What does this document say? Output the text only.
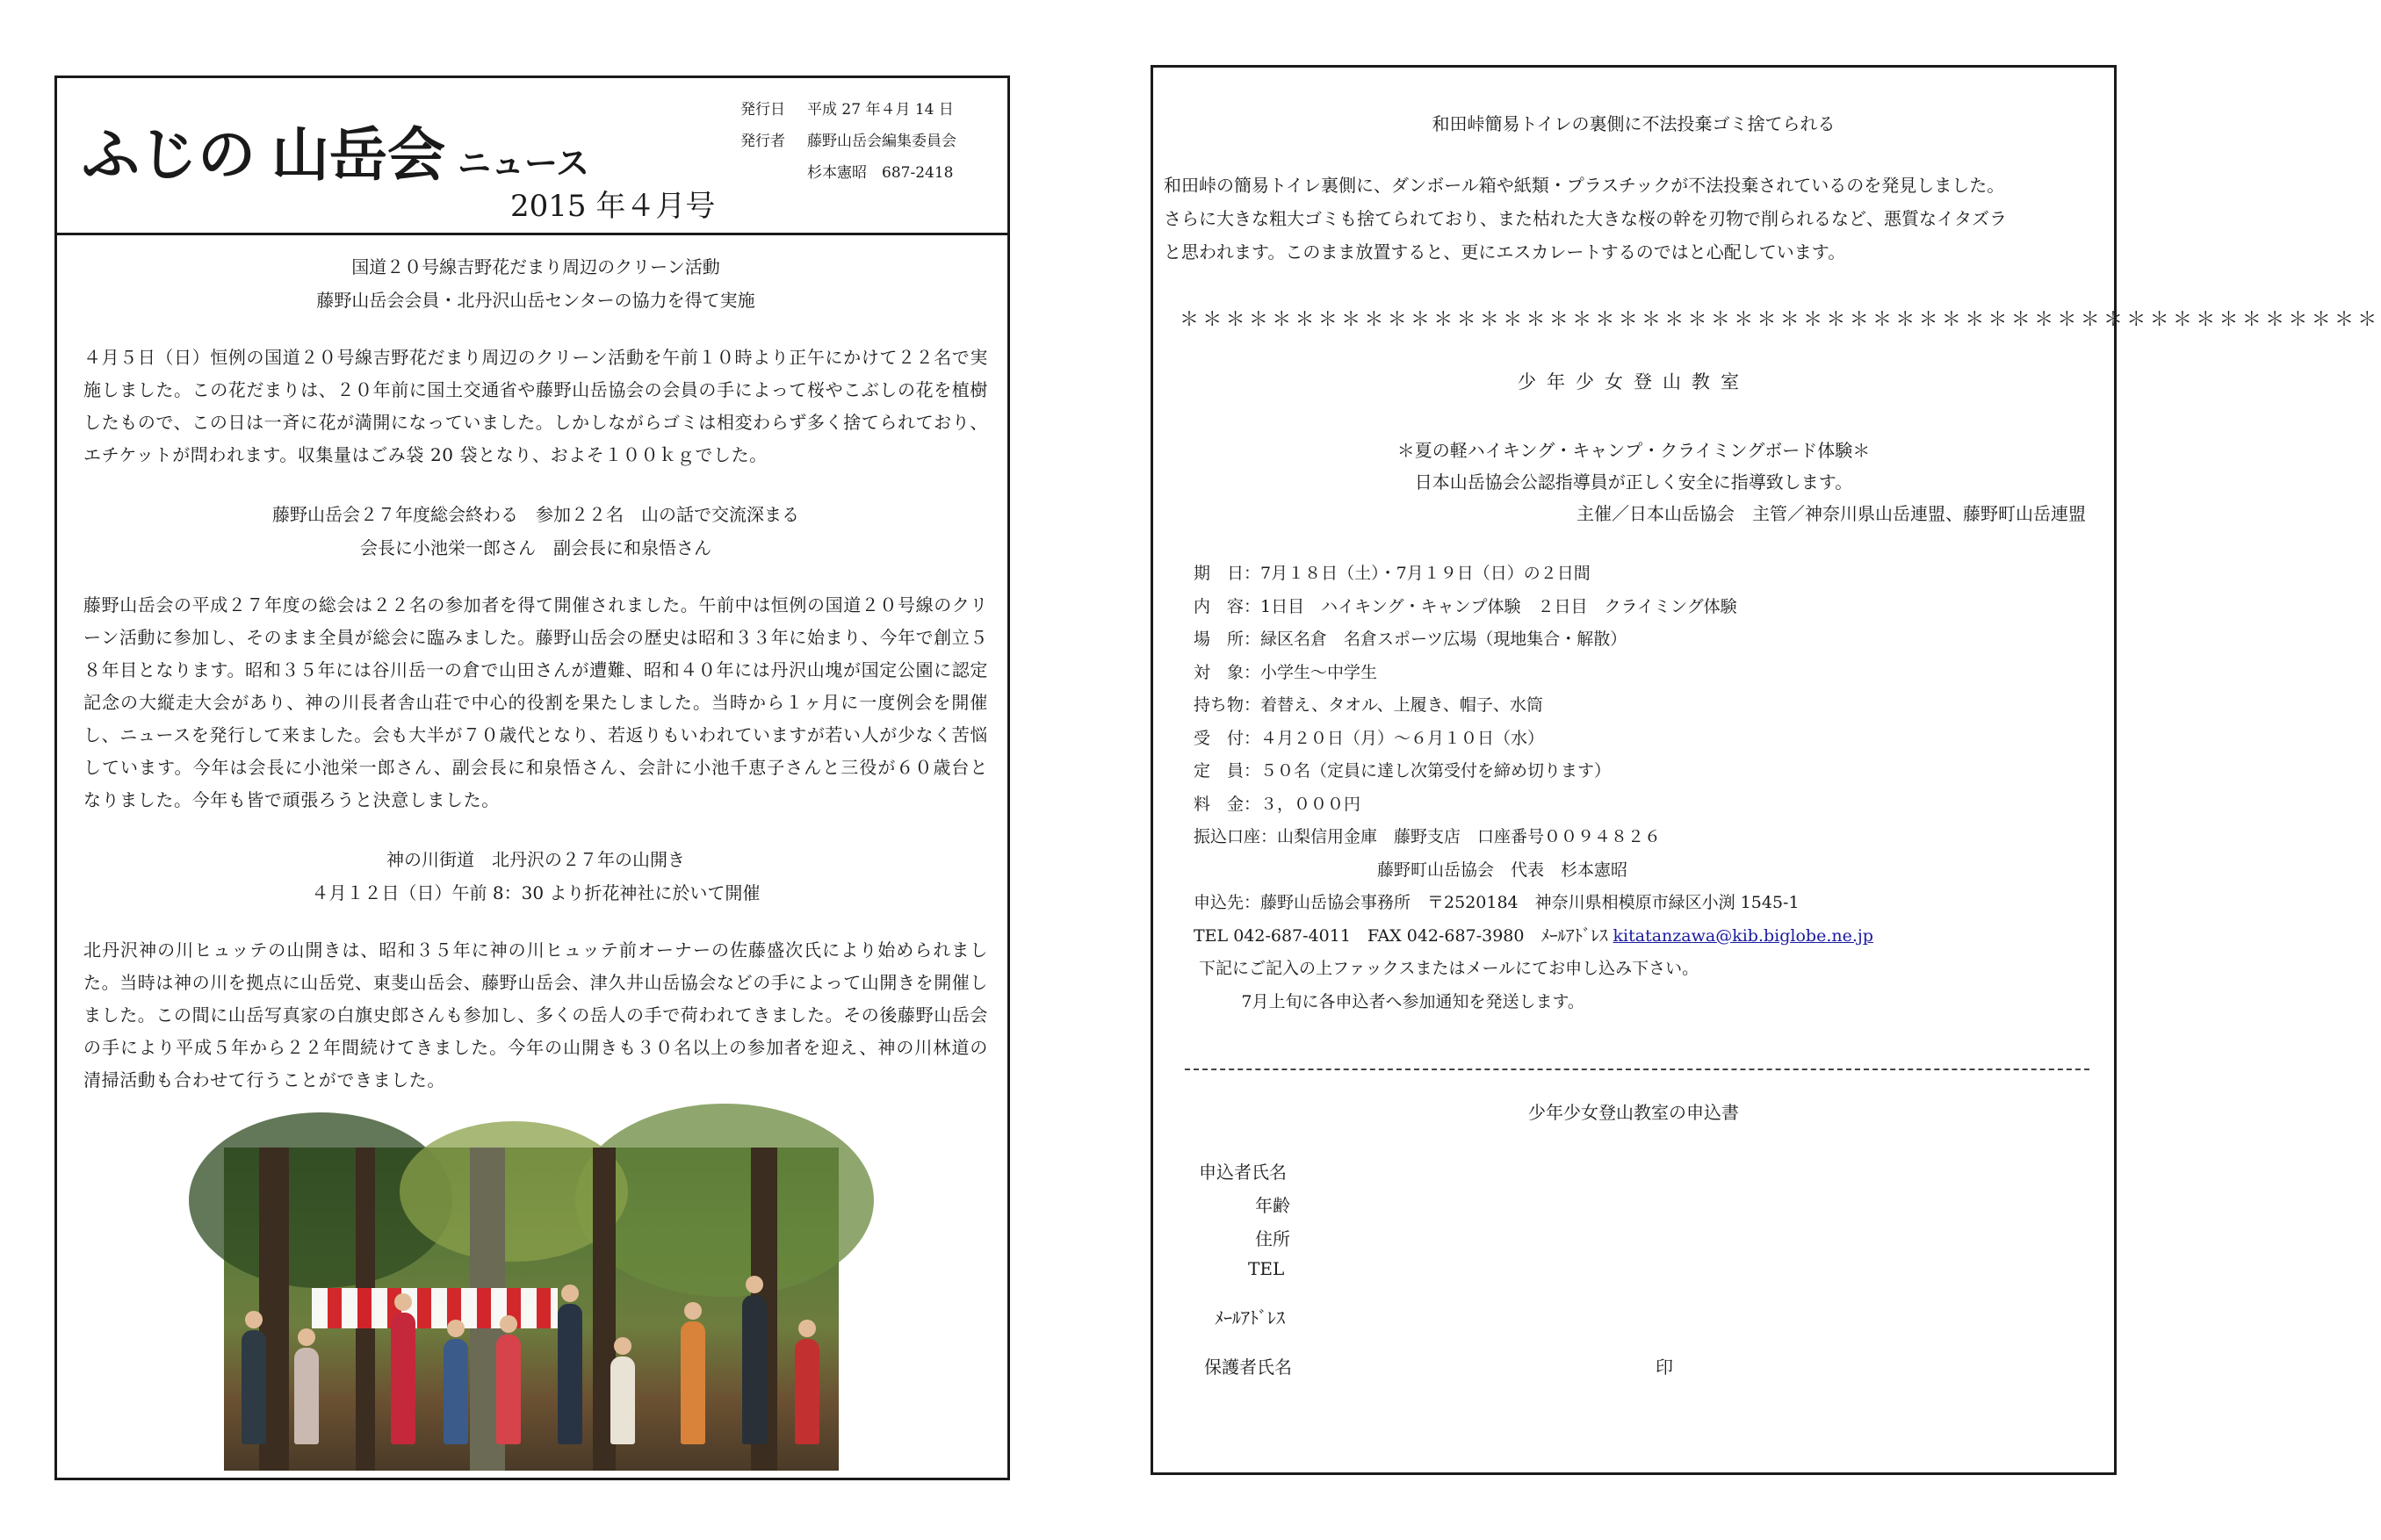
ふじの 山岳会 ニュース
2015 年４月号
発行日 平成 27 年４月 14 日
発行者 藤野山岳会編集委員会
杉本憲昭　687-2418
国道２０号線吉野花だまり周辺のクリーン活動
藤野山岳会会員・北丹沢山岳センターの協力を得て実施

４月５日（日）恒例の国道２０号線吉野花だまり周辺のクリーン活動を午前１０時より正午にかけて２２名で実施しました。この花だまりは、２０年前に国土交通省や藤野山岳協会の会員の手によって桜やこぶしの花を植樹したもので、この日は一斉に花が満開になっていました。しかしながらゴミは相変わらず多く捨てられており、エチケットが問われます。収集量はごみ袋 20 袋となり、およそ１００ｋｇでした。

藤野山岳会２７年度総会終わる　参加２２名　山の話で交流深まる
会長に小池栄一郎さん　副会長に和泉悟さん

藤野山岳会の平成２７年度の総会は２２名の参加者を得て開催されました。午前中は恒例の国道２０号線のクリーン活動に参加し、そのまま全員が総会に臨みました。藤野山岳会の歴史は昭和３３年に始まり、今年で創立５８年目となります。昭和３５年には谷川岳一の倉で山田さんが遭難、昭和４０年には丹沢山塊が国定公園に認定記念の大縦走大会があり、神の川長者舎山荘で中心的役割を果たしました。当時から１ヶ月に一度例会を開催し、ニュースを発行して来ました。会も大半が７０歳代となり、若返りもいわれていますが若い人が少なく苦悩しています。今年は会長に小池栄一郎さん、副会長に和泉悟さん、会計に小池千恵子さんと三役が６０歳台となりました。今年も皆で頑張ろうと決意しました。

神の川街道　北丹沢の２７年の山開き
４月１２日（日）午前 8：30 より折花神社に於いて開催

北丹沢神の川ヒュッテの山開きは、昭和３５年に神の川ヒュッテ前オーナーの佐藤盛次氏により始められました。当時は神の川を拠点に山岳党、東斐山岳会、藤野山岳会、津久井山岳協会などの手によって山開きを開催しました。この間に山岳写真家の白旗史郎さんも参加し、多くの岳人の手で荷われてきました。その後藤野山岳会の手により平成５年から２２年間続けてきました。今年の山開きも３０名以上の参加者を迎え、神の川林道の清掃活動も合わせて行うことができました。

和田峠簡易トイレの裏側に不法投棄ゴミ捨てられる

和田峠の簡易トイレ裏側に、ダンボール箱や紙類・プラスチックが不法投棄されているのを発見しました。

さらに大きな粗大ゴミも捨てられており、また枯れた大きな桜の幹を刃物で削られるなど、悪質なイタズラ

と思われます。このまま放置すると、更にエスカレートするのではと心配しています。

＊＊＊＊＊＊＊＊＊＊＊＊＊＊＊＊＊＊＊＊＊＊＊＊＊＊＊＊＊＊＊＊＊＊＊＊＊＊＊＊＊＊＊＊＊＊＊＊＊＊＊＊
少年少女登山教室
＊夏の軽ハイキング・キャンプ・クライミングボード体験＊
日本山岳協会公認指導員が正しく安全に指導致します。
主催／日本山岳協会　主管／神奈川県山岳連盟、藤野町山岳連盟
期　日：7月１８日（土）・7月１９日（日）の２日間
内　容：1日目　ハイキング・キャンプ体験　２日目　クライミング体験
場　所：緑区名倉　名倉スポーツ広場（現地集合・解散）
対　象：小学生～中学生
持ち物：着替え、タオル、上履き、帽子、水筒
受　付：４月２０日（月）～６月１０日（水）
定　員：５０名（定員に達し次第受付を締め切ります）
料　金：３，０００円
振込口座：山梨信用金庫　藤野支店　口座番号００９４８２６
　　　　　　　　　　　藤野町山岳協会　代表　杉本憲昭
申込先：藤野山岳協会事務所　〒2520184　神奈川県相模原市緑区小渕 1545-1
TEL 042-687-4011　FAX 042-687-3980　ﾒｰﾙｱﾄﾞﾚｽ kitatanzawa@kib.biglobe.ne.jp
下記にご記入の上ファックスまたはメールにてお申し込み下さい。
7月上旬に各申込者へ参加通知を発送します。
少年少女登山教室の申込書
申込者氏名
年齢
住所
TEL
ﾒｰﾙｱﾄﾞﾚｽ
保護者氏名	印
